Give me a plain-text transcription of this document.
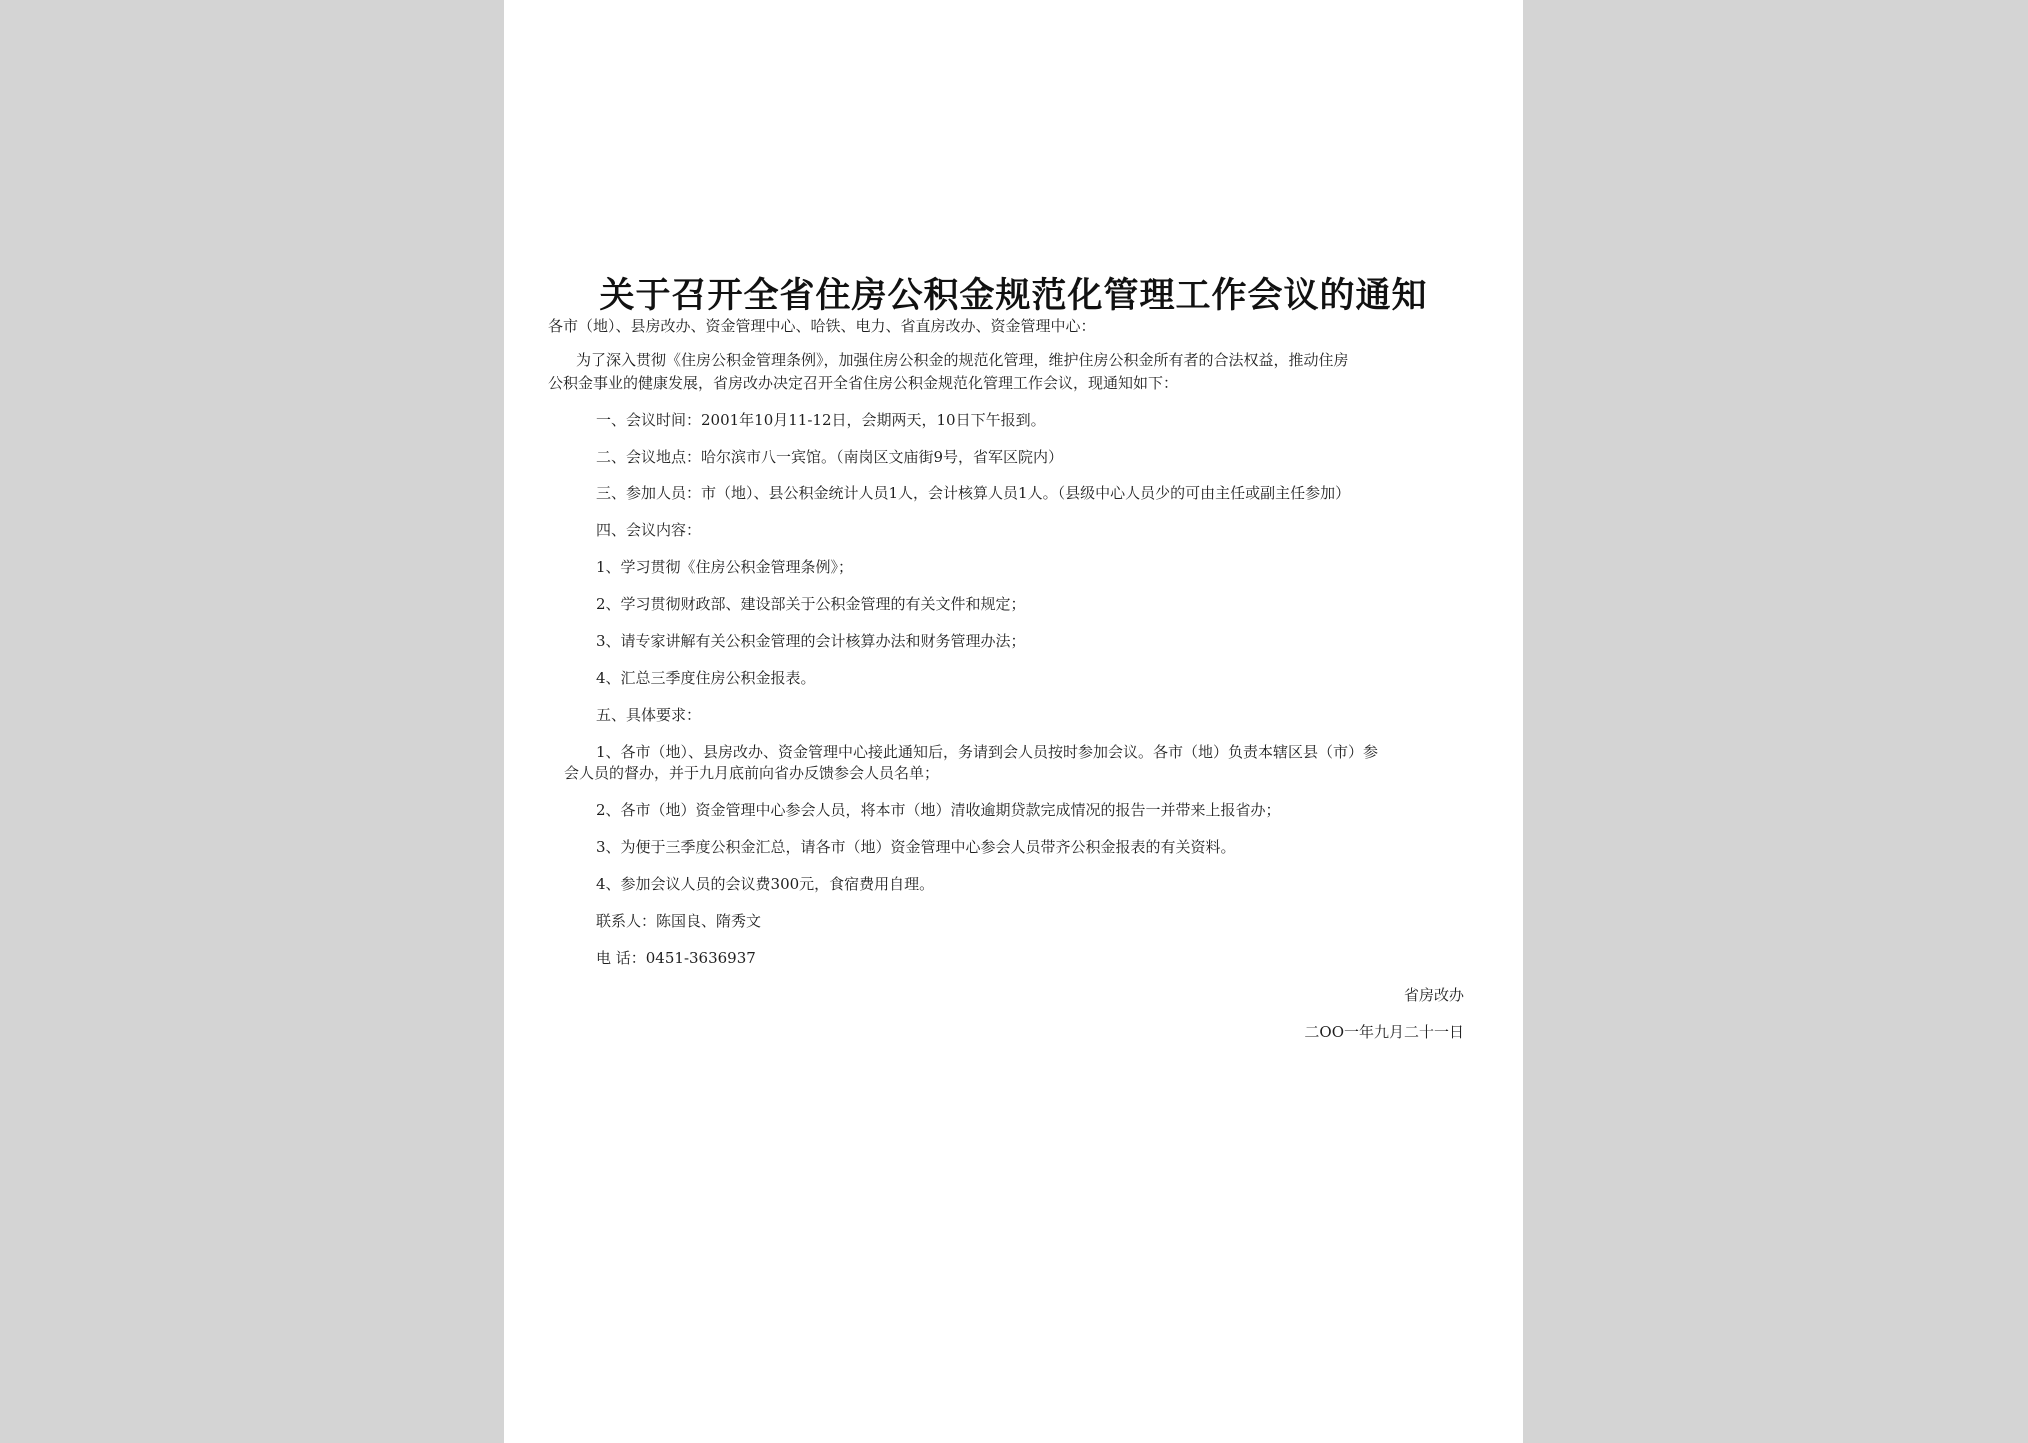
关于召开全省住房公积金规范化管理工作会议的通知
各市（地）、县房改办、资金管理中心、哈铁、电力、省直房改办、资金管理中心：
为了深入贯彻《住房公积金管理条例》，加强住房公积金的规范化管理，维护住房公积金所有者的合法权益，推动住房
公积金事业的健康发展，省房改办决定召开全省住房公积金规范化管理工作会议，现通知如下：
一、会议时间：2001年10月11-12日，会期两天，10日下午报到。
二、会议地点：哈尔滨市八一宾馆。（南岗区文庙街9号，省军区院内）
三、参加人员：市（地）、县公积金统计人员1人，会计核算人员1人。（县级中心人员少的可由主任或副主任参加）
四、会议内容：
1、学习贯彻《住房公积金管理条例》；
2、学习贯彻财政部、建设部关于公积金管理的有关文件和规定；
3、请专家讲解有关公积金管理的会计核算办法和财务管理办法；
4、汇总三季度住房公积金报表。
五、具体要求：
1、各市（地）、县房改办、资金管理中心接此通知后，务请到会人员按时参加会议。各市（地）负责本辖区县（市）参
会人员的督办，并于九月底前向省办反馈参会人员名单；
2、各市（地）资金管理中心参会人员，将本市（地）清收逾期贷款完成情况的报告一并带来上报省办；
3、为便于三季度公积金汇总，请各市（地）资金管理中心参会人员带齐公积金报表的有关资料。
4、参加会议人员的会议费300元，食宿费用自理。
联系人：陈国良、隋秀文
电 话：0451-3636937
省房改办
二OO一年九月二十一日
